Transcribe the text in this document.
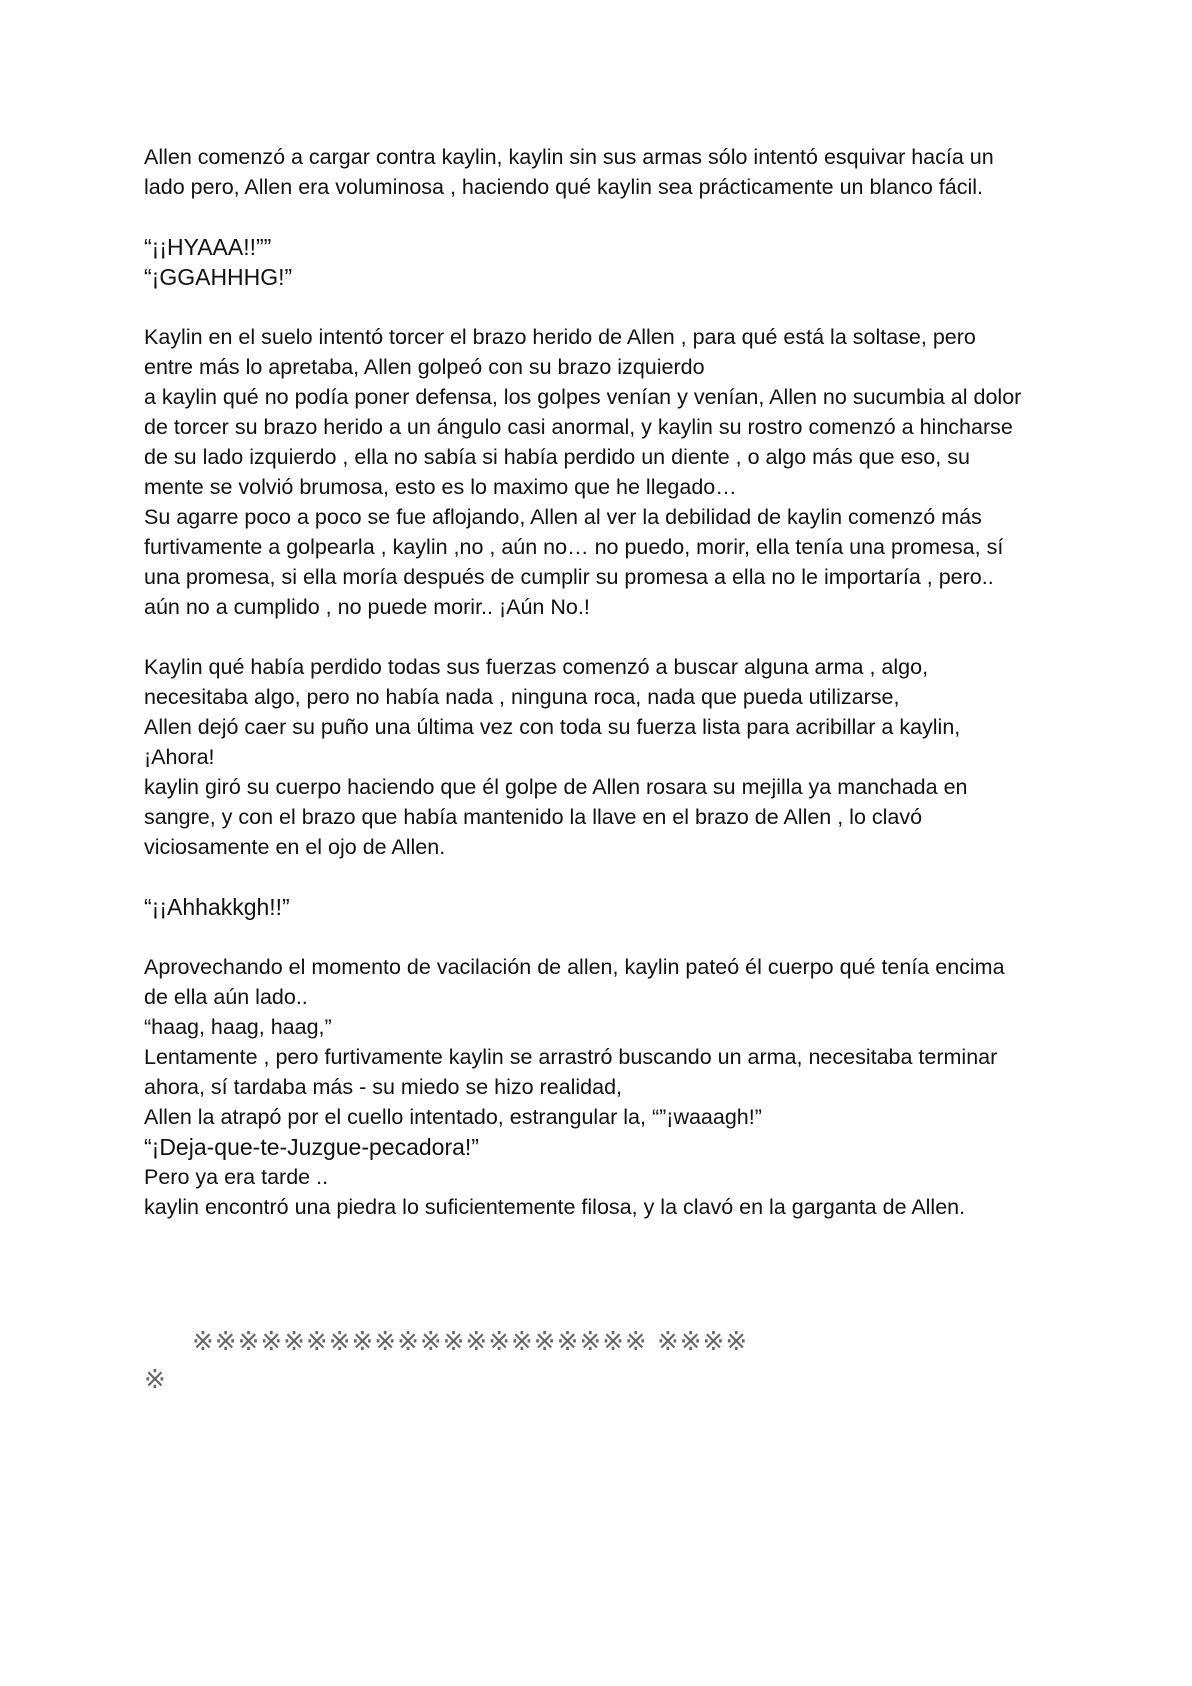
Allen comenzó a cargar contra kaylin, kaylin sin sus armas sólo intentó esquivar hacía un
lado pero, Allen era voluminosa , haciendo qué kaylin sea prácticamente un blanco fácil.
“¡¡HYAAA!!””
“¡GGAHHHG!”
Kaylin en el suelo intentó torcer el brazo herido de Allen , para qué está la soltase, pero
entre más lo apretaba, Allen golpeó con su brazo izquierdo
a kaylin qué no podía poner defensa, los golpes venían y venían, Allen no sucumbia al dolor
de torcer su brazo herido a un ángulo casi anormal, y kaylin su rostro comenzó a hincharse
de su lado izquierdo , ella no sabía si había perdido un diente , o algo más que eso, su
mente se volvió brumosa, esto es lo maximo que he llegado…
Su agarre poco a poco se fue aflojando, Allen al ver la debilidad de kaylin comenzó más
furtivamente a golpearla , kaylin ,no , aún no… no puedo, morir, ella tenía una promesa, sí
una promesa, si ella moría después de cumplir su promesa a ella no le importaría , pero..
aún no a cumplido , no puede morir.. ¡Aún No.!
Kaylin qué había perdido todas sus fuerzas comenzó a buscar alguna arma , algo,
necesitaba algo, pero no había nada , ninguna roca, nada que pueda utilizarse,
Allen dejó caer su puño una última vez con toda su fuerza lista para acribillar a kaylin,
¡Ahora!
kaylin giró su cuerpo haciendo que él golpe de Allen rosara su mejilla ya manchada en
sangre, y con el brazo que había mantenido la llave en el brazo de Allen , lo clavó
viciosamente en el ojo de Allen.
“¡¡Ahhakkgh!!”
Aprovechando el momento de vacilación de allen, kaylin pateó él cuerpo qué tenía encima
de ella aún lado..
“haag, haag, haag,”
Lentamente , pero furtivamente kaylin se arrastró buscando un arma, necesitaba terminar
ahora, sí tardaba más - su miedo se hizo realidad,
Allen la atrapó por el cuello intentado, estrangular la, “”¡waaagh!”
“¡Deja-que-te-Juzgue-pecadora!”
Pero ya era tarde ..
kaylin encontró una piedra lo suficientemente filosa, y la clavó en la garganta de Allen.
※※※※※※※※※※※※※※※※※※※※ ※※※※
※
